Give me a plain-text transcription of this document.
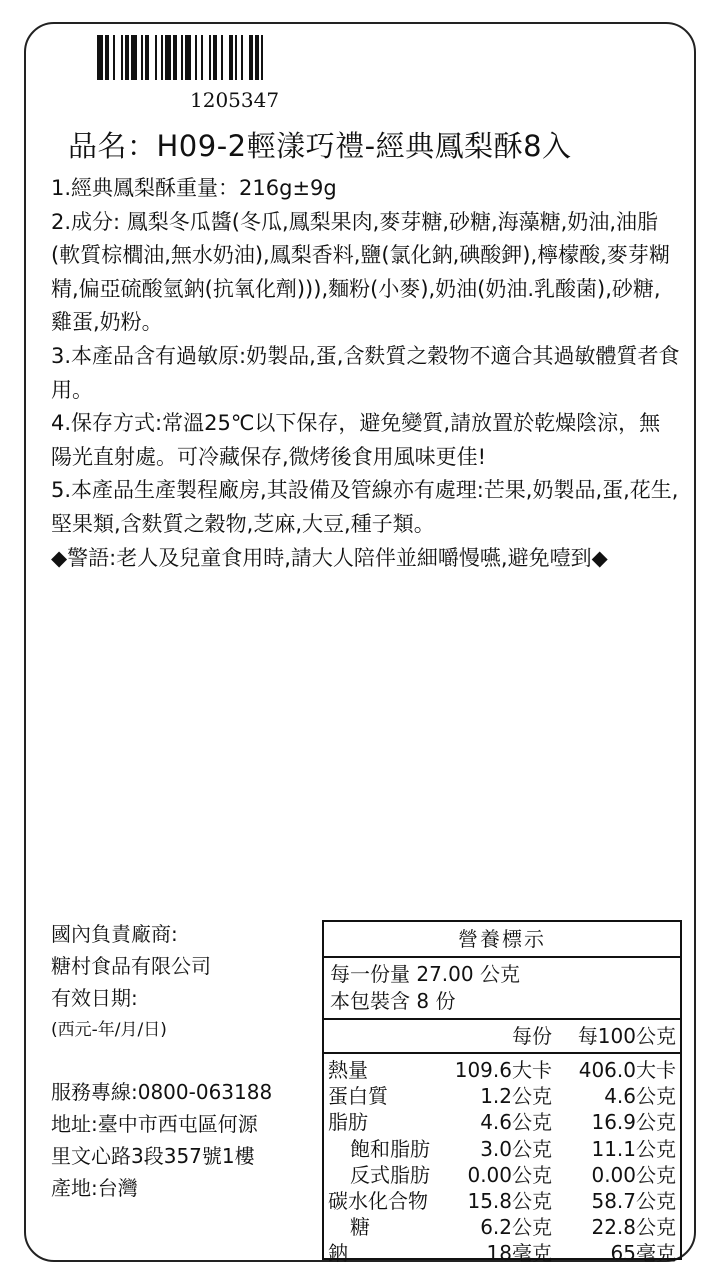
1205347
品名：H09-2輕漾巧禮-經典鳳梨酥8入

1.經典鳳梨酥重量：216g±9g

2.成分: 鳳梨冬瓜醬(冬瓜,鳳梨果肉,麥芽糖,砂糖,海藻糖,奶油,油脂(軟質棕櫚油,無水奶油),鳳梨香料,鹽(氯化鈉,碘酸鉀),檸檬酸,麥芽糊精,偏亞硫酸氫鈉(抗氧化劑))),麵粉(小麥),奶油(奶油.乳酸菌),砂糖,雞蛋,奶粉。

3.本產品含有過敏原:奶製品,蛋,含麩質之穀物不適合其過敏體質者食用。

4.保存方式:常溫25℃以下保存，避免變質,請放置於乾燥陰涼，無陽光直射處。可冷藏保存,微烤後食用風味更佳!

5.本產品生產製程廠房,其設備及管線亦有處理:芒果,奶製品,蛋,花生,堅果類,含麩質之穀物,芝麻,大豆,種子類。

◆警語:老人及兒童食用時,請大人陪伴並細嚼慢嚥,避免噎到◆

國內負責廠商:
糖村食品有限公司
有效日期:
(西元-年/月/日)
服務專線:0800-063188
地址:臺中市西屯區何源
里文心路3段357號1樓
產地:台灣
營養標示
每一份量 27.00 公克
本包裝含 8 份
每份 每100公克
熱量	109.6大卡 406.0大卡
蛋白質	1.2公克	4.6公克
脂肪	4.6公克 16.9公克
飽和脂肪	3.0公克 11.1公克
反式脂肪 0.00公克 0.00公克
碳水化合物 15.8公克 58.7公克
糖	6.2公克 22.8公克
鈉	18毫克	65毫克
